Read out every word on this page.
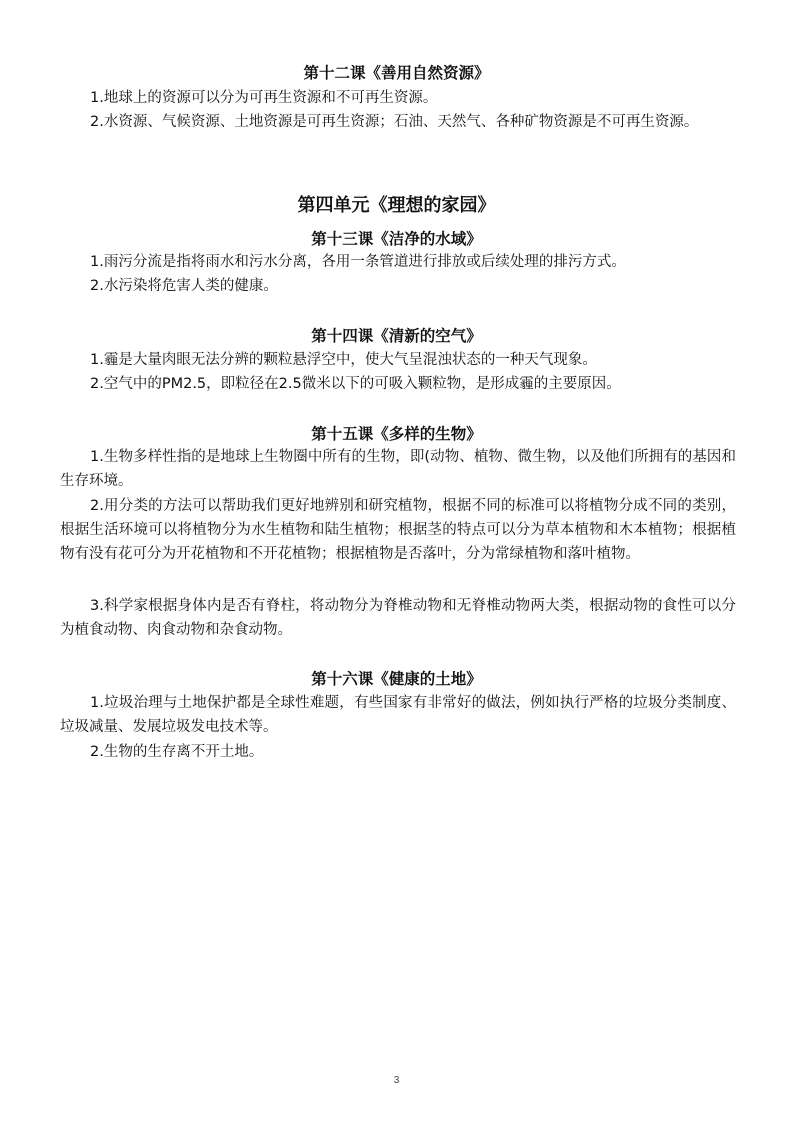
第十二课《善用自然资源》

1.地球上的资源可以分为可再生资源和不可再生资源。

2.水资源、气候资源、土地资源是可再生资源；石油、天然气、各种矿物资源是不可再生资源。

第四单元《理想的家园》
第十三课《洁净的水域》

1.雨污分流是指将雨水和污水分离，各用一条管道进行排放或后续处理的排污方式。

2.水污染将危害人类的健康。

第十四课《清新的空气》

1.霾是大量肉眼无法分辨的颗粒悬浮空中，使大气呈混浊状态的一种天气现象。

2.空气中的PM2.5，即粒径在2.5微米以下的可吸入颗粒物，是形成霾的主要原因。

第十五课《多样的生物》

1.生物多样性指的是地球上生物圈中所有的生物，即(动物、植物、微生物，以及他们所拥有的基因和生存环境。

2.用分类的方法可以帮助我们更好地辨别和研究植物，根据不同的标准可以将植物分成不同的类别，根据生活环境可以将植物分为水生植物和陆生植物；根据茎的特点可以分为草本植物和木本植物；根据植物有没有花可分为开花植物和不开花植物；根据植物是否落叶，分为常绿植物和落叶植物。

3.科学家根据身体内是否有脊柱，将动物分为脊椎动物和无脊椎动物两大类，根据动物的食性可以分为植食动物、肉食动物和杂食动物。

第十六课《健康的土地》

1.垃圾治理与土地保护都是全球性难题，有些国家有非常好的做法，例如执行严格的垃圾分类制度、垃圾减量、发展垃圾发电技术等。

2.生物的生存离不开土地。

3
